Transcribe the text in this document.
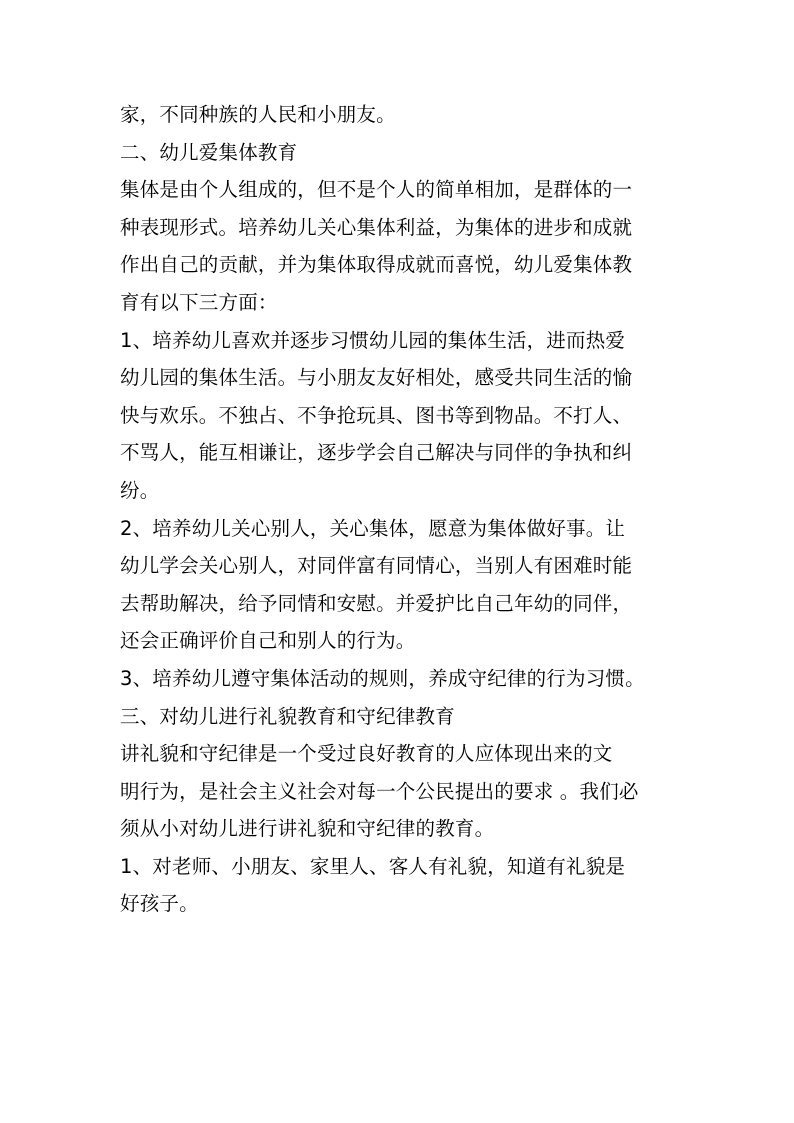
家，不同种族的人民和小朋友。
二、幼儿爱集体教育
集体是由个人组成的，但不是个人的简单相加，是群体的一
种表现形式。培养幼儿关心集体利益，为集体的进步和成就
作出自己的贡献，并为集体取得成就而喜悦，幼儿爱集体教
育有以下三方面：
1、培养幼儿喜欢并逐步习惯幼儿园的集体生活，进而热爱
幼儿园的集体生活。与小朋友友好相处，感受共同生活的愉
快与欢乐。不独占、不争抢玩具、图书等到物品。不打人、
不骂人，能互相谦让，逐步学会自己解决与同伴的争执和纠
纷。
2、培养幼儿关心别人，关心集体，愿意为集体做好事。让
幼儿学会关心别人，对同伴富有同情心，当别人有困难时能
去帮助解决，给予同情和安慰。并爱护比自己年幼的同伴，
还会正确评价自己和别人的行为。
3、培养幼儿遵守集体活动的规则，养成守纪律的行为习惯。
三、对幼儿进行礼貌教育和守纪律教育
讲礼貌和守纪律是一个受过良好教育的人应体现出来的文
明行为，是社会主义社会对每一个公民提出的要求 。我们必
须从小对幼儿进行讲礼貌和守纪律的教育。
1、对老师、小朋友、家里人、客人有礼貌，知道有礼貌是
好孩子。
